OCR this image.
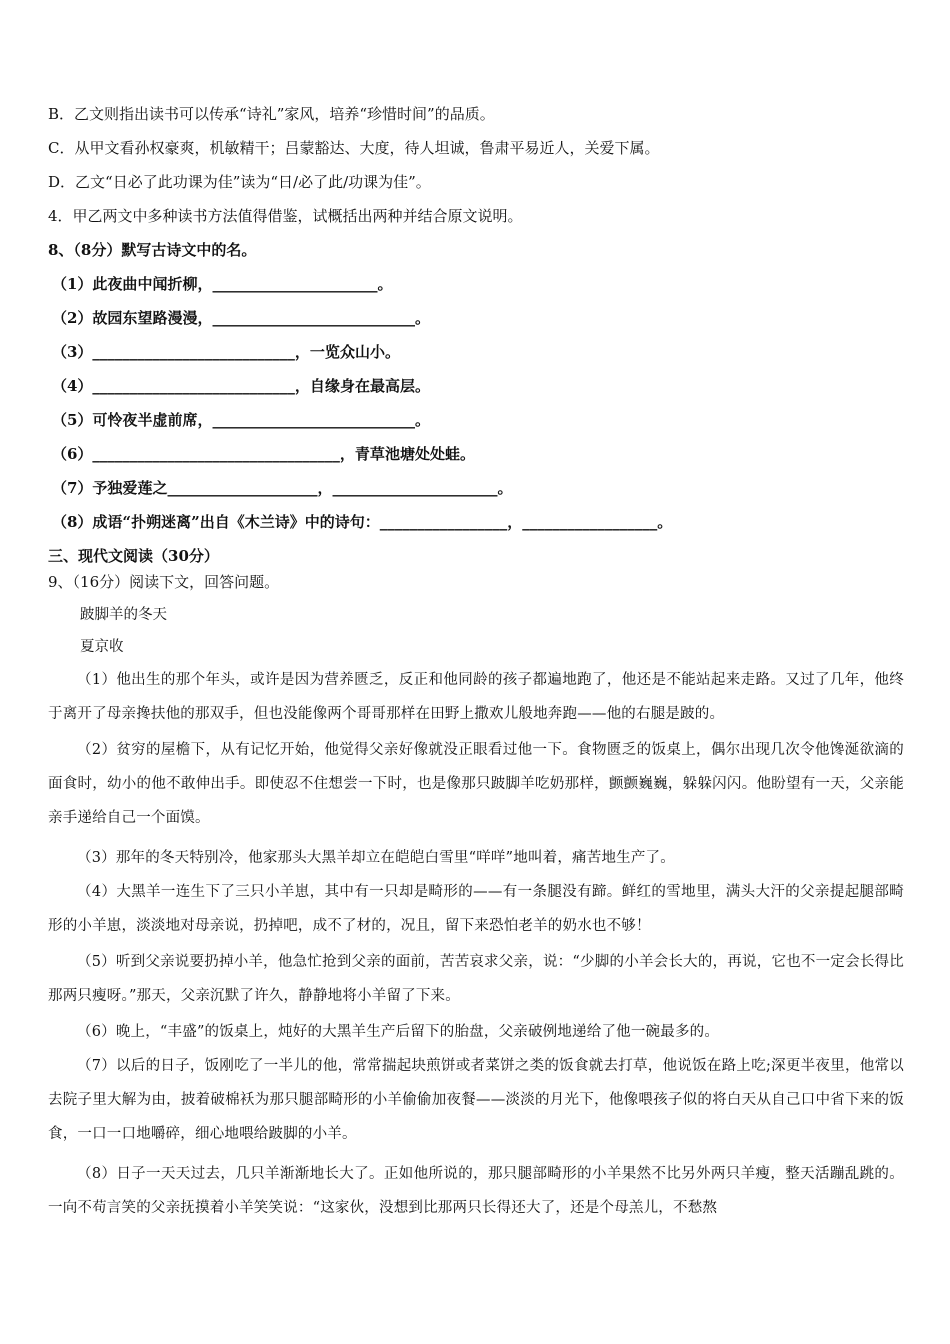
B．乙文则指出读书可以传承“诗礼”家风，培养“珍惜时间”的品质。
C．从甲文看孙权豪爽，机敏精干；吕蒙豁达、大度，待人坦诚，鲁肃平易近人，关爱下属。
D．乙文“日必了此功课为佳”读为“日/必了此/功课为佳”。
4．甲乙两文中多种读书方法值得借鉴，试概括出两种并结合原文说明。
8、（8分）默写古诗文中的名。
（1）此夜曲中闻折柳，______________________。
（2）故园东望路漫漫，___________________________。
（3）___________________________，一览众山小。
（4）___________________________，自缘身在最高层。
（5）可怜夜半虚前席，___________________________。
（6）_________________________________，青草池塘处处蛙。
（7）予独爱莲之____________________，______________________。
（8）成语“扑朔迷离”出自《木兰诗》中的诗句：_________________，__________________。
三、现代文阅读（30分）
9、（16分）阅读下文，回答问题。
跛脚羊的冬天
夏京收
（1）他出生的那个年头，或许是因为营养匮乏，反正和他同龄的孩子都遍地跑了，他还是不能站起来走路。又过了几年，他终于离开了母亲搀扶他的那双手，但也没能像两个哥哥那样在田野上撒欢儿般地奔跑——他的右腿是跛的。
（2）贫穷的屋檐下，从有记忆开始，他觉得父亲好像就没正眼看过他一下。食物匮乏的饭桌上，偶尔出现几次令他馋涎欲滴的面食时，幼小的他不敢伸出手。即使忍不住想尝一下时，也是像那只跛脚羊吃奶那样，颤颤巍巍，躲躲闪闪。他盼望有一天，父亲能亲手递给自己一个面馍。
（3）那年的冬天特别冷，他家那头大黑羊却立在皑皑白雪里“咩咩”地叫着，痛苦地生产了。
（4）大黑羊一连生下了三只小羊崽，其中有一只却是畸形的——有一条腿没有蹄。鲜红的雪地里，满头大汗的父亲提起腿部畸形的小羊崽，淡淡地对母亲说，扔掉吧，成不了材的，况且，留下来恐怕老羊的奶水也不够！
（5）听到父亲说要扔掉小羊，他急忙抢到父亲的面前，苦苦哀求父亲，说：“少脚的小羊会长大的，再说，它也不一定会长得比那两只瘦呀。”那天，父亲沉默了许久，静静地将小羊留了下来。
（6）晚上，“丰盛”的饭桌上，炖好的大黑羊生产后留下的胎盘，父亲破例地递给了他一碗最多的。
（7）以后的日子，饭刚吃了一半儿的他，常常揣起块煎饼或者菜饼之类的饭食就去打草，他说饭在路上吃;深更半夜里，他常以去院子里大解为由，披着破棉袄为那只腿部畸形的小羊偷偷加夜餐——淡淡的月光下，他像喂孩子似的将白天从自己口中省下来的饭食，一口一口地嚼碎，细心地喂给跛脚的小羊。
（8）日子一天天过去，几只羊渐渐地长大了。正如他所说的，那只腿部畸形的小羊果然不比另外两只羊瘦，整天活蹦乱跳的。一向不苟言笑的父亲抚摸着小羊笑笑说：“这家伙，没想到比那两只长得还大了，还是个母羔儿，不愁熬
